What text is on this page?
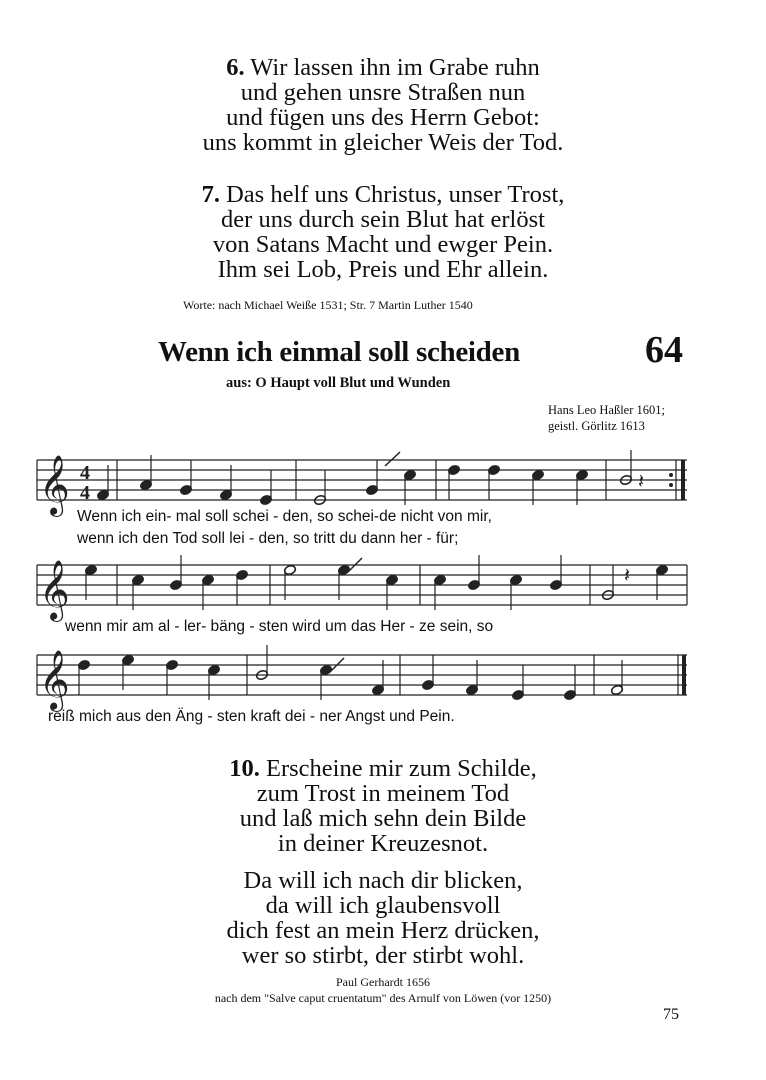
6. Wir lassen ihn im Grabe ruhn
und gehen unsre Straßen nun
und fügen uns des Herrn Gebot:
uns kommt in gleicher Weis der Tod.
7. Das helf uns Christus, unser Trost,
der uns durch sein Blut hat erlöst
von Satans Macht und ewger Pein.
Ihm sei Lob, Preis und Ehr allein.
Worte: nach Michael Weiße 1531; Str. 7 Martin Luther 1540
Wenn ich einmal soll scheiden	64
aus: O Haupt voll Blut und Wunden
Hans Leo Haßler 1601;
geistl. Görlitz 1613
𝄞 4
4	𝄽
Wenn ich ein- mal soll schei - den, so schei-de nicht von mir,
wenn ich den Tod soll lei - den, so tritt du dann her - für;
𝄞	𝄽
wenn mir am al - ler- bäng - sten wird um das Her - ze sein, so
𝄞
reiß mich aus den Äng - sten kraft dei - ner Angst und Pein.
10. Erscheine mir zum Schilde,
zum Trost in meinem Tod
und laß mich sehn dein Bilde
in deiner Kreuzesnot.
Da will ich nach dir blicken,
da will ich glaubensvoll
dich fest an mein Herz drücken,
wer so stirbt, der stirbt wohl.
Paul Gerhardt 1656
nach dem "Salve caput cruentatum" des Arnulf von Löwen (vor 1250)
75
